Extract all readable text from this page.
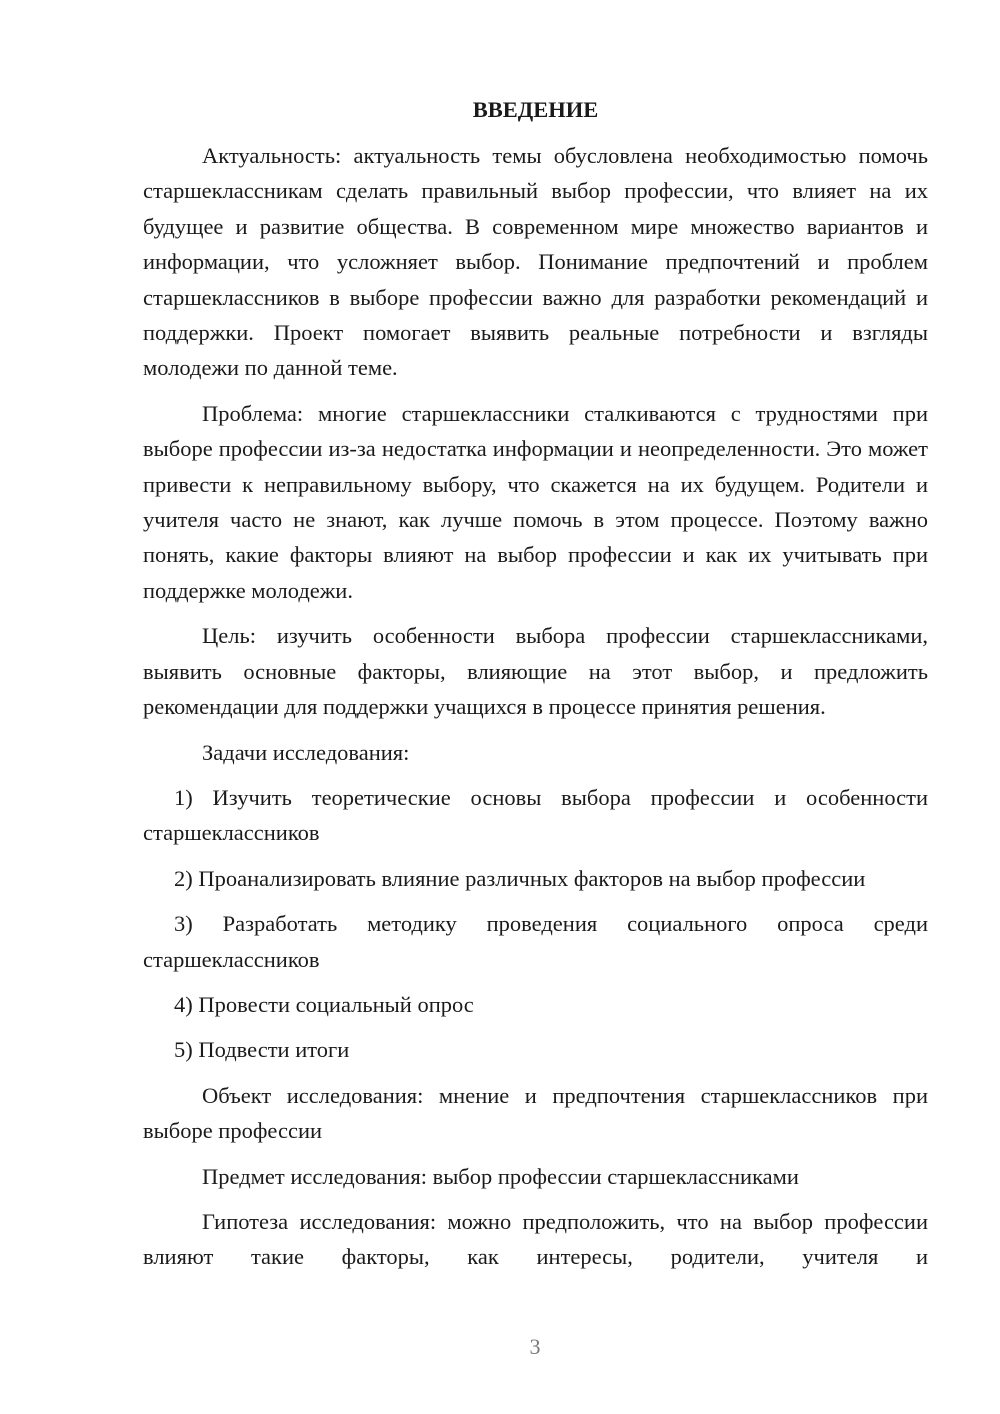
ВВЕДЕНИЕ

Актуальность: актуальность темы обусловлена необходимостью помочь старшеклассникам сделать правильный выбор профессии, что влияет на их будущее и развитие общества. В современном мире множество вариантов и информации, что усложняет выбор. Понимание предпочтений и проблем старшеклассников в выборе профессии важно для разработки рекомендаций и поддержки. Проект помогает выявить реальные потребности и взгляды молодежи по данной теме.

Проблема: многие старшеклассники сталкиваются с трудностями при выборе профессии из-за недостатка информации и неопределенности. Это может привести к неправильному выбору, что скажется на их будущем. Родители и учителя часто не знают, как лучше помочь в этом процессе. Поэтому важно понять, какие факторы влияют на выбор профессии и как их учитывать при поддержке молодежи.

Цель: изучить особенности выбора профессии старшеклассниками, выявить основные факторы, влияющие на этот выбор, и предложить рекомендации для поддержки учащихся в процессе принятия решения.

Задачи исследования:

1) Изучить теоретические основы выбора профессии и особенности старшеклассников

2) Проанализировать влияние различных факторов на выбор профессии

3) Разработать методику проведения социального опроса среди старшеклассников

4) Провести социальный опрос

5) Подвести итоги

Объект исследования: мнение и предпочтения старшеклассников при выборе профессии

Предмет исследования: выбор профессии старшеклассниками

Гипотеза исследования: можно предположить, что на выбор профессии влияют такие факторы, как интересы, родители, учителя и

3
